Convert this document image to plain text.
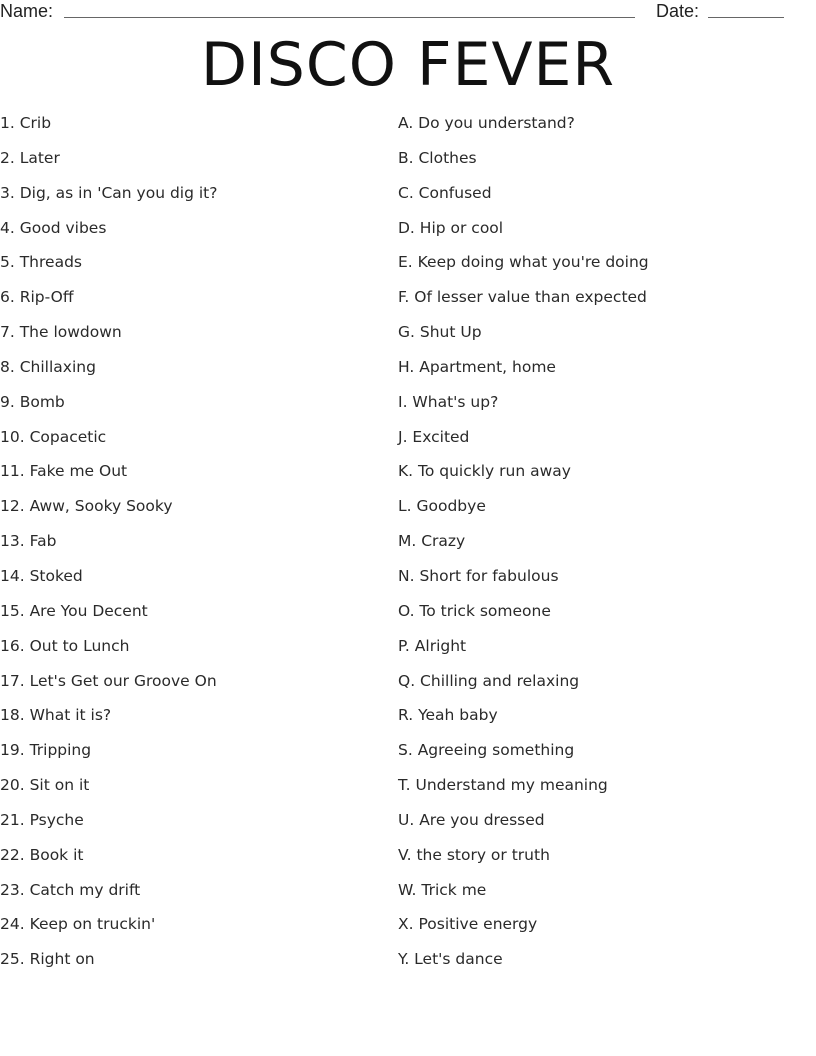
Name:	Date:
DISCO FEVER
1. Crib
2. Later
3. Dig, as in 'Can you dig it?
4. Good vibes
5. Threads
6. Rip-Off
7. The lowdown
8. Chillaxing
9. Bomb
10. Copacetic
11. Fake me Out
12. Aww, Sooky Sooky
13. Fab
14. Stoked
15. Are You Decent
16. Out to Lunch
17. Let's Get our Groove On
18. What it is?
19. Tripping
20. Sit on it
21. Psyche
22. Book it
23. Catch my drift
24. Keep on truckin'
25. Right on
A. Do you understand?
B. Clothes
C. Confused
D. Hip or cool
E. Keep doing what you're doing
F. Of lesser value than expected
G. Shut Up
H. Apartment, home
I. What's up?
J. Excited
K. To quickly run away
L. Goodbye
M. Crazy
N. Short for fabulous
O. To trick someone
P. Alright
Q. Chilling and relaxing
R. Yeah baby
S. Agreeing something
T. Understand my meaning
U. Are you dressed
V. the story or truth
W. Trick me
X. Positive energy
Y. Let's dance
